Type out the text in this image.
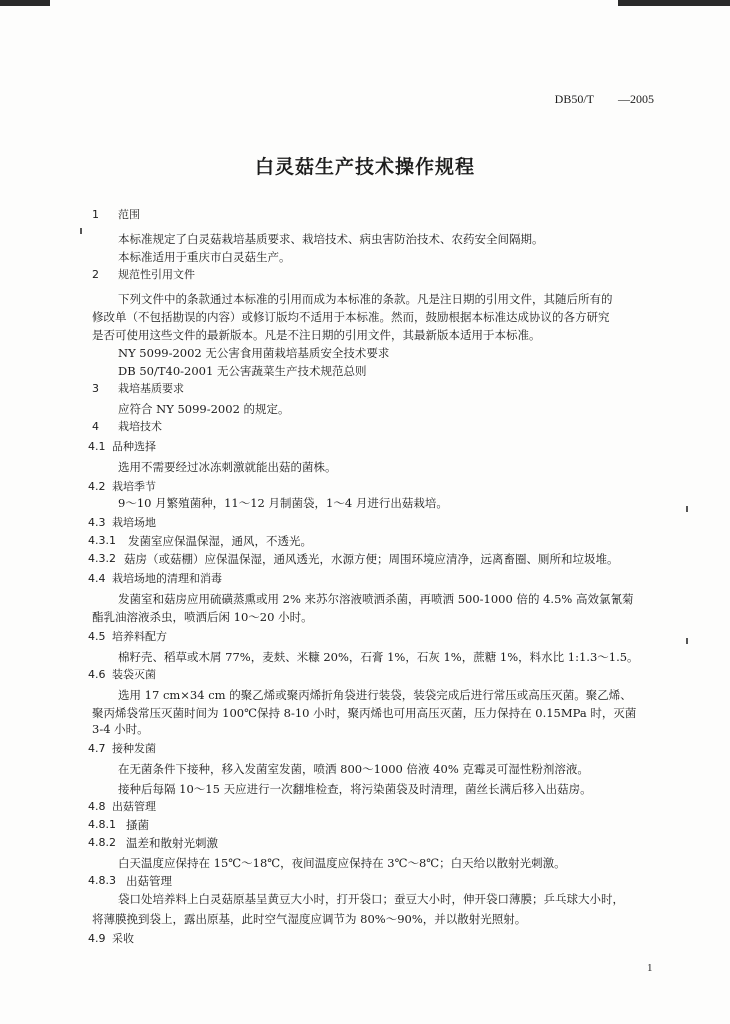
DB50/T —2005
白灵菇生产技术操作规程
1 范围
本标准规定了白灵菇栽培基质要求、栽培技术、病虫害防治技术、农药安全间隔期。
本标准适用于重庆市白灵菇生产。
2 规范性引用文件
下列文件中的条款通过本标准的引用而成为本标准的条款。凡是注日期的引用文件，其随后所有的
修改单（不包括勘误的内容）或修订版均不适用于本标准。然而，鼓励根据本标准达成协议的各方研究
是否可使用这些文件的最新版本。凡是不注日期的引用文件，其最新版本适用于本标准。
NY 5099-2002 无公害食用菌栽培基质安全技术要求
DB 50/T40-2001 无公害蔬菜生产技术规范总则
3 栽培基质要求
应符合 NY 5099-2002 的规定。
4 栽培技术
4.1 品种选择
选用不需要经过冰冻刺激就能出菇的菌株。
4.2 栽培季节
9～10 月繁殖菌种，11～12 月制菌袋，1～4 月进行出菇栽培。
4.3 栽培场地
4.3.1 发菌室应保温保湿，通风，不透光。
4.3.2 菇房（或菇棚）应保温保湿，通风透光，水源方便；周围环境应清净，远离畜圈、厕所和垃圾堆。
4.4 栽培场地的清理和消毒
发菌室和菇房应用硫磺蒸熏或用 2% 来苏尔溶液喷洒杀菌，再喷洒 500-1000 倍的 4.5% 高效氯氰菊
酯乳油溶液杀虫，喷洒后闲 10～20 小时。
4.5 培养料配方
棉籽壳、稻草或木屑 77%，麦麸、米糠 20%，石膏 1%，石灰 1%，蔗糖 1%，料水比 1:1.3～1.5。
4.6 装袋灭菌
选用 17 cm×34 cm 的聚乙烯或聚丙烯折角袋进行装袋，装袋完成后进行常压或高压灭菌。聚乙烯、
聚丙烯袋常压灭菌时间为 100℃保持 8-10 小时，聚丙烯也可用高压灭菌，压力保持在 0.15MPa 时，灭菌
3-4 小时。
4.7 接种发菌
在无菌条件下接种，移入发菌室发菌，喷洒 800～1000 倍液 40% 克霉灵可湿性粉剂溶液。
接种后每隔 10～15 天应进行一次翻堆检查，将污染菌袋及时清理，菌丝长满后移入出菇房。
4.8 出菇管理
4.8.1 搔菌
4.8.2 温差和散射光刺激
白天温度应保持在 15℃～18℃，夜间温度应保持在 3℃～8℃；白天给以散射光刺激。
4.8.3 出菇管理
袋口处培养料上白灵菇原基呈黄豆大小时，打开袋口；蚕豆大小时，伸开袋口薄膜；乒乓球大小时，
将薄膜挽到袋上，露出原基，此时空气湿度应调节为 80%～90%，并以散射光照射。
4.9 采收
1
